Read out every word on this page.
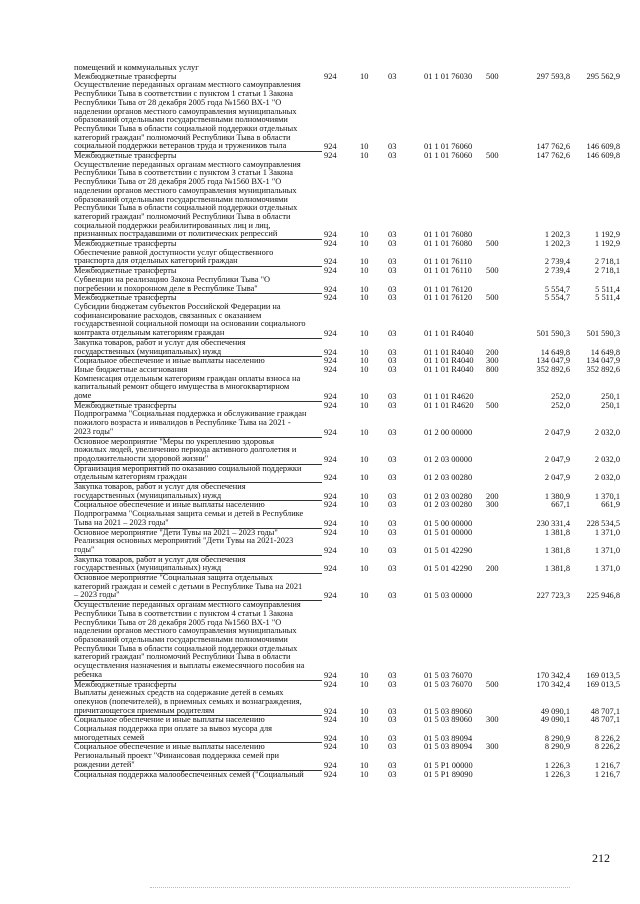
помещений и коммунальных услуг
Межбюджетные трансферты	924	10	03	01 1 01 76030	500	297 593,8	295 562,9
Осуществление переданных органам местного самоуправления
Республики Тыва в соответствии с пунктом 1 статьи 1 Закона
Республики Тыва от 28 декабря 2005 года №1560 ВХ-1 "О
наделении органов местного самоуправления муниципальных
образований отдельными государственными полномочиями
Республики Тыва в области социальной поддержки отдельных
категорий граждан" полномочий Республики Тыва в области
социальной поддержки ветеранов труда и тружеников тыла	924	10	03	01 1 01 76060	147 762,6	146 609,8
Межбюджетные трансферты	924	10	03	01 1 01 76060	500	147 762,6	146 609,8
Осуществление переданных органам местного самоуправления
Республики Тыва в соответствии с пунктом 3 статьи 1 Закона
Республики Тыва от 28 декабря 2005 года №1560 ВХ-1 "О
наделении органов местного самоуправления муниципальных
образований отдельными государственными полномочиями
Республики Тыва в области социальной поддержки отдельных
категорий граждан" полномочий Республики Тыва в области
социальной поддержки реабилитированных лиц и лиц,
признанных пострадавшими от политических репрессий	924	10	03	01 1 01 76080	1 202,3	1 192,9
Межбюджетные трансферты	924	10	03	01 1 01 76080	500	1 202,3	1 192,9
Обеспечение равной доступности услуг общественного
транспорта для отдельных категорий граждан	924	10	03	01 1 01 76110	2 739,4	2 718,1
Межбюджетные трансферты	924	10	03	01 1 01 76110	500	2 739,4	2 718,1
Субвенции на реализацию Закона Республики Тыва "О
погребении и похоронном деле в Республике Тыва"	924	10	03	01 1 01 76120	5 554,7	5 511,4
Межбюджетные трансферты	924	10	03	01 1 01 76120	500	5 554,7	5 511,4
Субсидии бюджетам субъектов Российской Федерации на
софинансирование расходов, связанных с оказанием
государственной социальной помощи на основании социального
контракта отдельным категориям граждан	924	10	03	01 1 01 R4040	501 590,3	501 590,3
Закупка товаров, работ и услуг для обеспечения
государственных (муниципальных) нужд	924	10	03	01 1 01 R4040	200	14 649,8	14 649,8
Социальное обеспечение и иные выплаты населению	924	10	03	01 1 01 R4040	300	134 047,9	134 047,9
Иные бюджетные ассигнования	924	10	03	01 1 01 R4040	800	352 892,6	352 892,6
Компенсация отдельным категориям граждан оплаты взноса на
капитальный ремонт общего имущества в многоквартирном
доме	924	10	03	01 1 01 R4620	252,0	250,1
Межбюджетные трансферты	924	10	03	01 1 01 R4620	500	252,0	250,1
Подпрограмма "Социальная поддержка и обслуживание граждан
пожилого возраста и инвалидов в Республике Тыва на 2021 -
2023 годы"	924	10	03	01 2 00 00000	2 047,9	2 032,0
Основное мероприятие "Меры по укреплению здоровья
пожилых людей, увеличению периода активного долголетия и
продолжительности здоровой жизни"	924	10	03	01 2 03 00000	2 047,9	2 032,0
Организация мероприятий по оказанию социальной поддержки
отдельным категориям граждан	924	10	03	01 2 03 00280	2 047,9	2 032,0
Закупка товаров, работ и услуг для обеспечения
государственных (муниципальных) нужд	924	10	03	01 2 03 00280	200	1 380,9	1 370,1
Социальное обеспечение и иные выплаты населению	924	10	03	01 2 03 00280	300	667,1	661,9
Подпрограмма "Социальная защита семьи и детей в Республике
Тыва на 2021 – 2023 годы"	924	10	03	01 5 00 00000	230 331,4	228 534,5
Основное мероприятие "Дети Тувы на 2021 – 2023 годы"	924	10	03	01 5 01 00000	1 381,8	1 371,0
Реализация основных мероприятий "Дети Тувы на 2021-2023
годы"	924	10	03	01 5 01 42290	1 381,8	1 371,0
Закупка товаров, работ и услуг для обеспечения
государственных (муниципальных) нужд	924	10	03	01 5 01 42290	200	1 381,8	1 371,0
Основное мероприятие "Социальная защита отдельных
категорий граждан и семей с детьми в Республике Тыва на 2021
– 2023 годы"	924	10	03	01 5 03 00000	227 723,3	225 946,8
Осуществление переданных органам местного самоуправления
Республики Тыва в соответствии с пунктом 4 статьи 1 Закона
Республики Тыва от 28 декабря 2005 года №1560 ВХ-1 "О
наделении органов местного самоуправления муниципальных
образований отдельными государственными полномочиями
Республики Тыва в области социальной поддержки отдельных
категорий граждан" полномочий Республики Тыва в области
осуществления назначения и выплаты ежемесячного пособия на
ребенка	924	10	03	01 5 03 76070	170 342,4	169 013,5
Межбюджетные трансферты	924	10	03	01 5 03 76070	500	170 342,4	169 013,5
Выплаты денежных средств на содержание детей в семьях
опекунов (попечителей), в приемных семьях и вознаграждения,
причитающегося приемным родителям	924	10	03	01 5 03 89060	49 090,1	48 707,1
Социальное обеспечение и иные выплаты населению	924	10	03	01 5 03 89060	300	49 090,1	48 707,1
Социальная поддержка при оплате за вывоз мусора для
многодетных семей	924	10	03	01 5 03 89094	8 290,9	8 226,2
Социальное обеспечение и иные выплаты населению	924	10	03	01 5 03 89094	300	8 290,9	8 226,2
Региональный проект "Финансовая поддержка семей при
рождении детей"	924	10	03	01 5 P1 00000	1 226,3	1 216,7
Социальная поддержка малообеспеченных семей ("Социальный	924	10	03	01 5 P1 89090	1 226,3	1 216,7
212
